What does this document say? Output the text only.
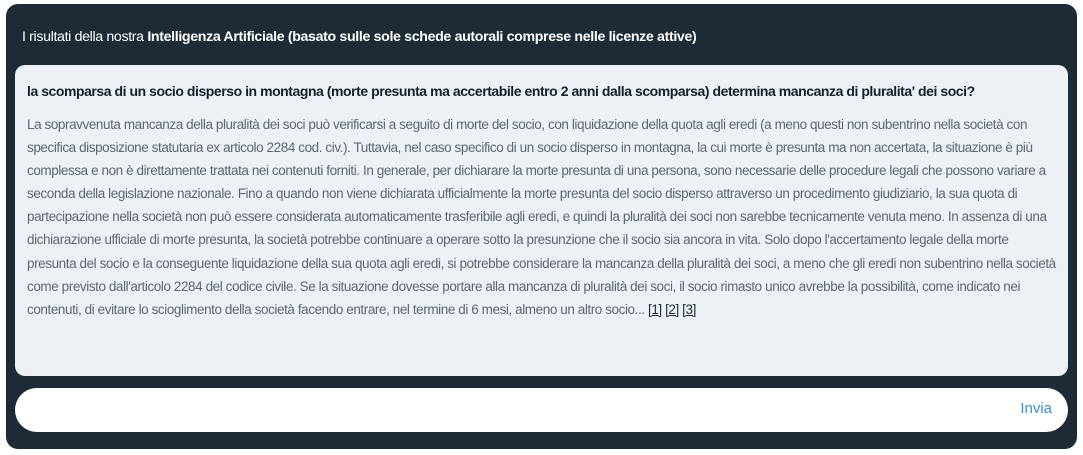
I risultati della nostra Intelligenza Artificiale (basato sulle sole schede autorali comprese nelle licenze attive)

la scomparsa di un socio disperso in montagna (morte presunta ma accertabile entro 2 anni dalla scomparsa) determina mancanza di pluralita' dei soci?

La sopravvenuta mancanza della pluralità dei soci può verificarsi a seguito di morte del socio, con liquidazione della quota agli eredi (a meno questi non subentrino nella società con specifica disposizione statutaria ex articolo 2284 cod. civ.). Tuttavia, nel caso specifico di un socio disperso in montagna, la cui morte è presunta ma non accertata, la situazione è più complessa e non è direttamente trattata nei contenuti forniti. In generale, per dichiarare la morte presunta di una persona, sono necessarie delle procedure legali che possono variare a seconda della legislazione nazionale. Fino a quando non viene dichiarata ufficialmente la morte presunta del socio disperso attraverso un procedimento giudiziario, la sua quota di partecipazione nella società non può essere considerata automaticamente trasferibile agli eredi, e quindi la pluralità dei soci non sarebbe tecnicamente venuta meno. In assenza di una dichiarazione ufficiale di morte presunta, la società potrebbe continuare a operare sotto la presunzione che il socio sia ancora in vita. Solo dopo l'accertamento legale della morte presunta del socio e la conseguente liquidazione della sua quota agli eredi, si potrebbe considerare la mancanza della pluralità dei soci, a meno che gli eredi non subentrino nella società come previsto dall'articolo 2284 del codice civile. Se la situazione dovesse portare alla mancanza di pluralità dei soci, il socio rimasto unico avrebbe la possibilità, come indicato nei contenuti, di evitare lo scioglimento della società facendo entrare, nel termine di 6 mesi, almeno un altro socio... [1] [2] [3]

Invia
